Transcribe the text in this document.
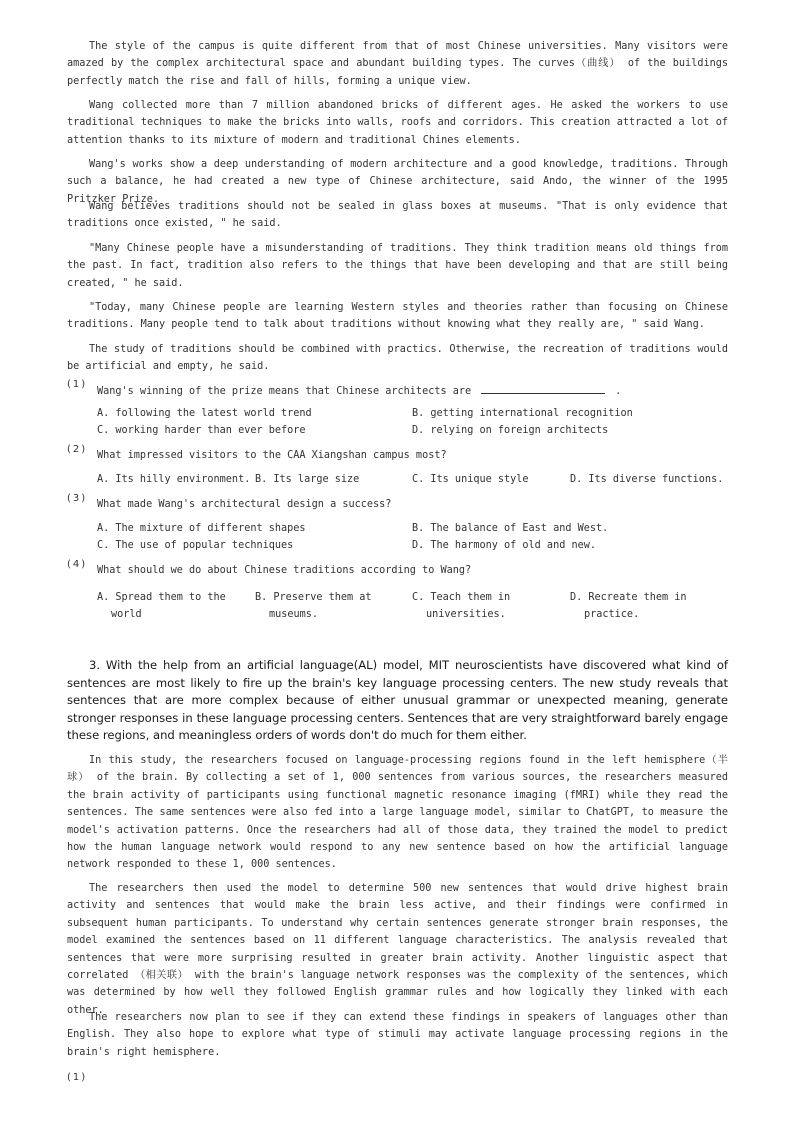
The style of the campus is quite different from that of most Chinese universities. Many visitors were amazed by the complex architectural space and abundant building types. The curves（曲线） of the buildings perfectly match the rise and fall of hills, forming a unique view.

Wang collected more than 7 million abandoned bricks of different ages. He asked the workers to use traditional techniques to make the bricks into walls, roofs and corridors. This creation attracted a lot of attention thanks to its mixture of modern and traditional Chines elements.

Wang's works show a deep understanding of modern architecture and a good knowledge, traditions. Through such a balance, he had created a new type of Chinese architecture, said Ando, the winner of the 1995 Pritzker Prize.

Wang believes traditions should not be sealed in glass boxes at museums. "That is only evidence that traditions once existed, " he said.

"Many Chinese people have a misunderstanding of traditions. They think tradition means old things from the past. In fact, tradition also refers to the things that have been developing and that are still being created, " he said.

"Today, many Chinese people are learning Western styles and theories rather than focusing on Chinese traditions. Many people tend to talk about traditions without knowing what they really are, " said Wang.

The study of traditions should be combined with practics. Otherwise, the recreation of traditions would be artificial and empty, he said.

(1)
Wang's winning of the prize means that Chinese architects are	.
A. following the latest world trend	B. getting international recognition
C. working harder than ever before	D. relying on foreign architects
(2)
What impressed visitors to the CAA Xiangshan campus most?
A. Its hilly environment. B. Its large size	C. Its unique style	D. Its diverse functions.
(3)
What made Wang's architectural design a success?
A. The mixture of different shapes	B. The balance of East and West.
C. The use of popular techniques	D. The harmony of old and new.
(4)
What should we do about Chinese traditions according to Wang?
A. Spread them to the world
B. Preserve them at museums.
C. Teach them in universities.
D. Recreate them in practice.

3. With the help from an artificial language(AL) model, MIT neuroscientists have discovered what kind of sentences are most likely to fire up the brain's key language processing centers. The new study reveals that sentences that are more complex because of either unusual grammar or unexpected meaning, generate stronger responses in these language processing centers. Sentences that are very straightforward barely engage these regions, and meaningless orders of words don't do much for them either.

In this study, the researchers focused on language-processing regions found in the left hemisphere（半球） of the brain. By collecting a set of 1, 000 sentences from various sources, the researchers measured the brain activity of participants using functional magnetic resonance imaging (fMRI) while they read the sentences. The same sentences were also fed into a large language model, similar to ChatGPT, to measure the model's activation patterns. Once the researchers had all of those data, they trained the model to predict how the human language network would respond to any new sentence based on how the artificial language network responded to these 1, 000 sentences.

The researchers then used the model to determine 500 new sentences that would drive highest brain activity and sentences that would make the brain less active, and their findings were confirmed in subsequent human participants. To understand why certain sentences generate stronger brain responses, the model examined the sentences based on 11 different language characteristics. The analysis revealed that sentences that were more surprising resulted in greater brain activity. Another linguistic aspect that correlated （相关联） with the brain's language network responses was the complexity of the sentences, which was determined by how well they followed English grammar rules and how logically they linked with each other.

The researchers now plan to see if they can extend these findings in speakers of languages other than English. They also hope to explore what type of stimuli may activate language processing regions in the brain's right hemisphere.

(1)
